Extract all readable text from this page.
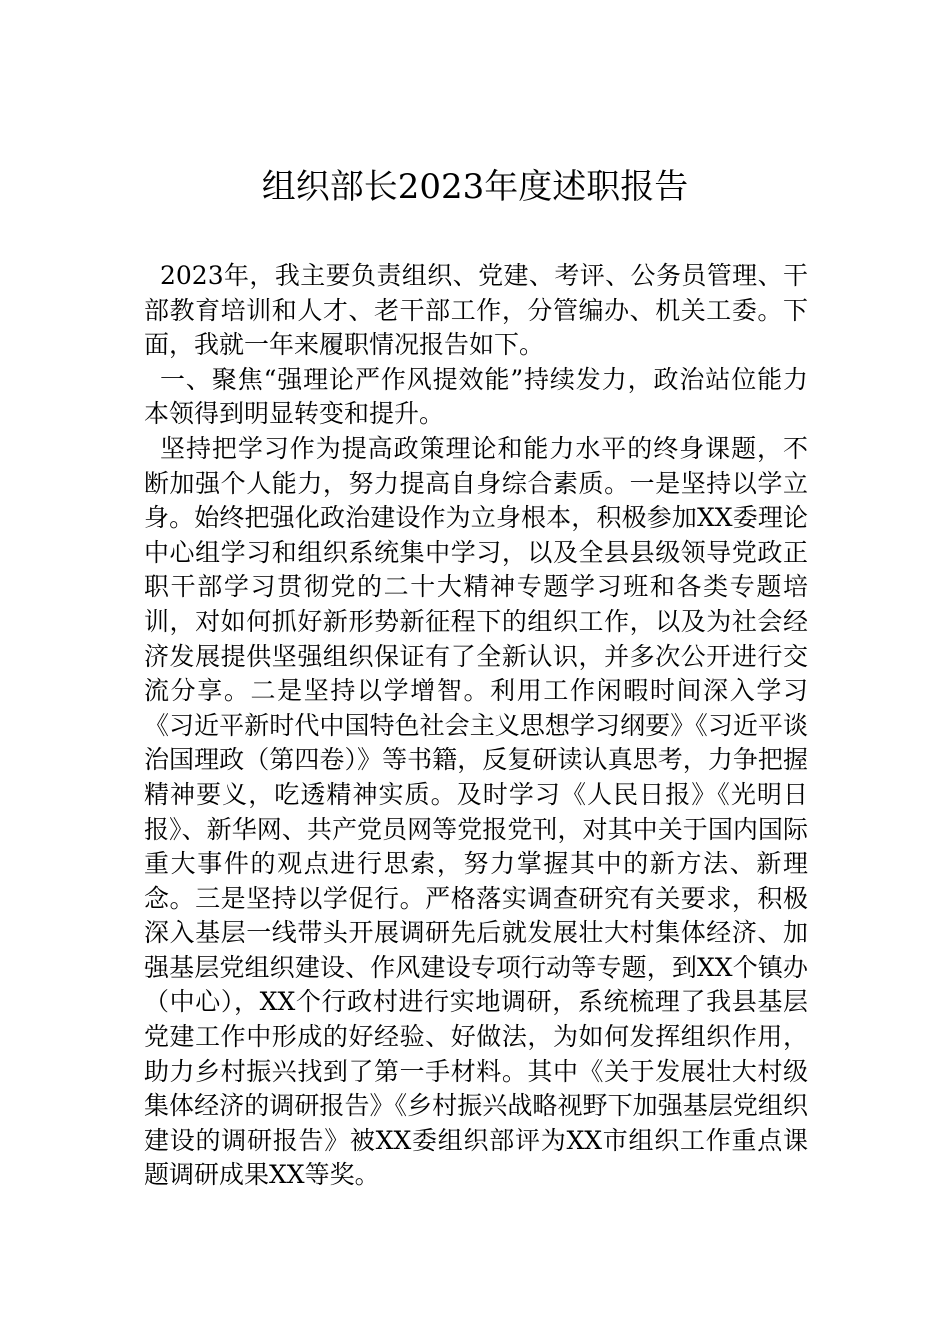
组织部长2023年度述职报告

2023年，我主要负责组织、党建、考评、公务员管理、干部教育培训和人才、老干部工作，分管编办、机关工委。下面，我就一年来履职情况报告如下。

一、聚焦“强理论严作风提效能”持续发力，政治站位能力本领得到明显转变和提升。

坚持把学习作为提高政策理论和能力水平的终身课题，不断加强个人能力，努力提高自身综合素质。一是坚持以学立身。始终把强化政治建设作为立身根本，积极参加XX委理论中心组学习和组织系统集中学习，以及全县县级领导党政正职干部学习贯彻党的二十大精神专题学习班和各类专题培训，对如何抓好新形势新征程下的组织工作，以及为社会经济发展提供坚强组织保证有了全新认识，并多次公开进行交流分享。二是坚持以学增智。利用工作闲暇时间深入学习《习近平新时代中国特色社会主义思想学习纲要》《习近平谈治国理政（第四卷）》等书籍，反复研读认真思考，力争把握精神要义，吃透精神实质。及时学习《人民日报》《光明日报》、新华网、共产党员网等党报党刊，对其中关于国内国际重大事件的观点进行思索，努力掌握其中的新方法、新理念。三是坚持以学促行。严格落实调查研究有关要求，积极深入基层一线带头开展调研先后就发展壮大村集体经济、加强基层党组织建设、作风建设专项行动等专题，到XX个镇办（中心），XX个行政村进行实地调研，系统梳理了我县基层党建工作中形成的好经验、好做法，为如何发挥组织作用，助力乡村振兴找到了第一手材料。其中《关于发展壮大村级集体经济的调研报告》《乡村振兴战略视野下加强基层党组织建设的调研报告》被XX委组织部评为XX市组织工作重点课题调研成果XX等奖。
